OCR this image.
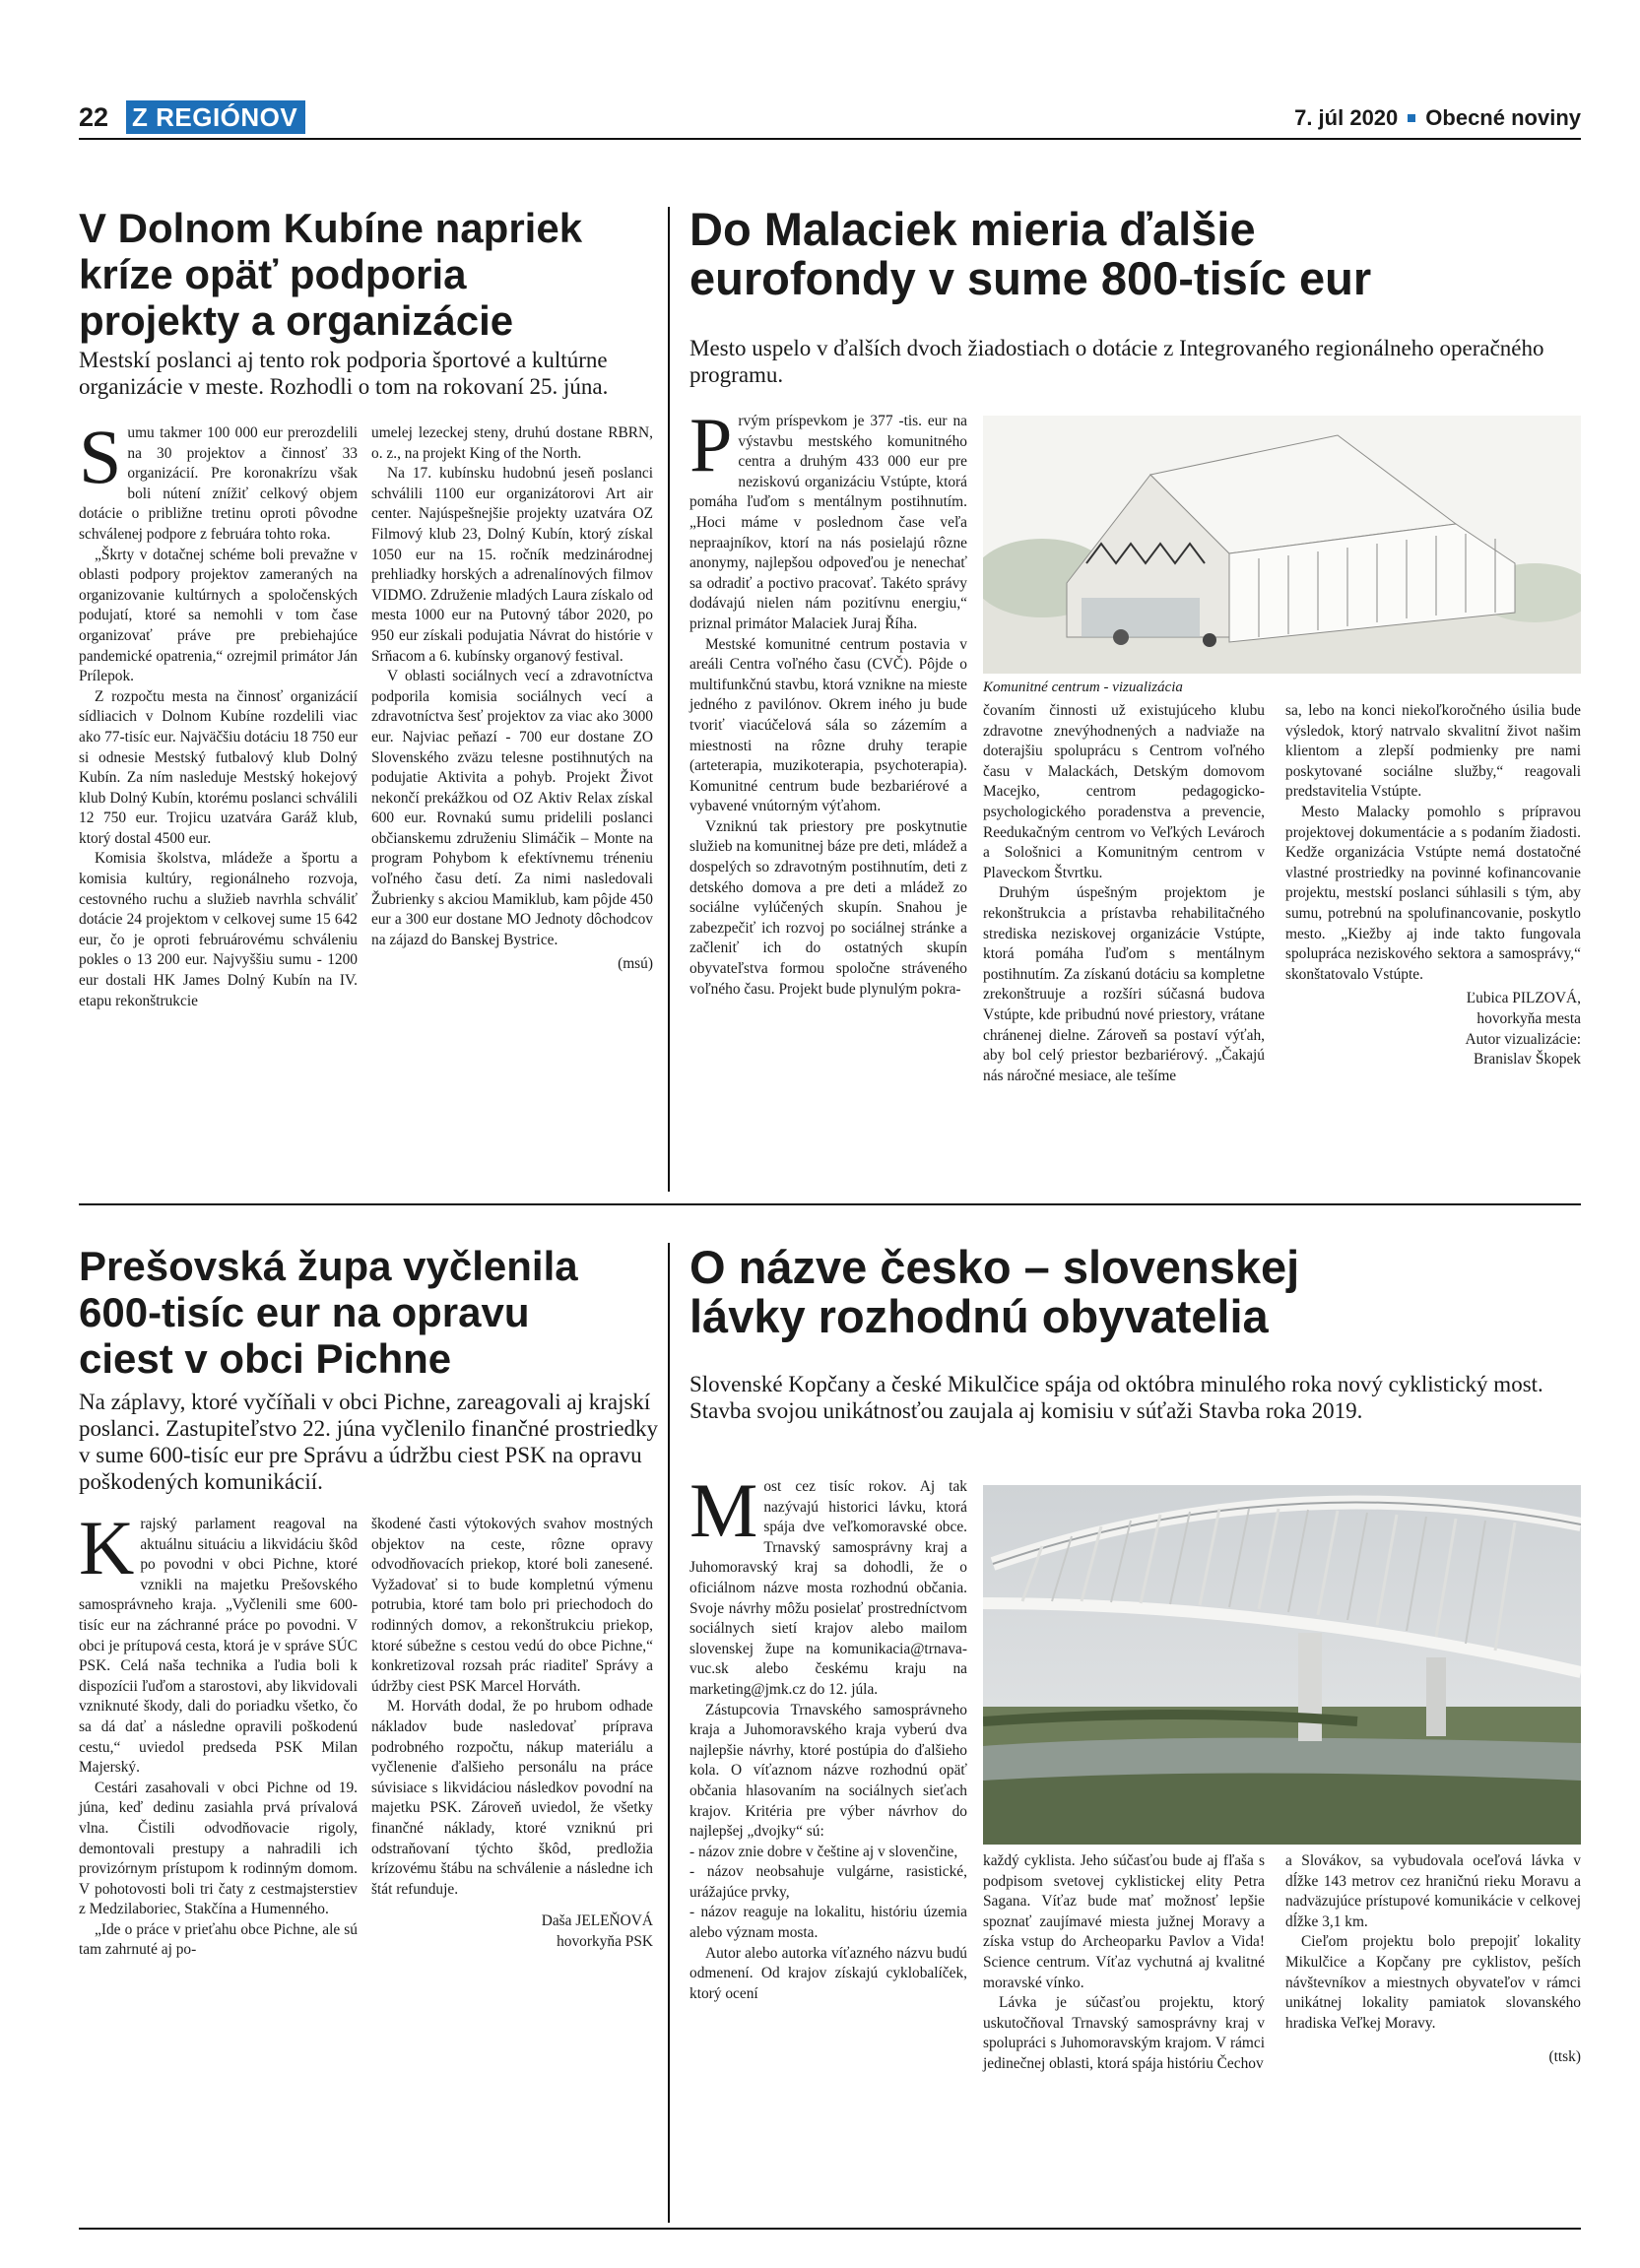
22 Z REGIÓNOV	7. júl 2020 Obecné noviny
V Dolnom Kubíne napriek
kríze opäť podporia
projekty a organizácie
Mestskí poslanci aj tento rok podporia športové a kultúrne organizácie v meste. Rozhodli o tom na rokovaní 25. júna.

Sumu takmer 100 000 eur prerozdelili na 30 projektov a činnosť 33 organizácií. Pre koronakrízu však boli nútení znížiť celkový objem dotácie o približne tretinu oproti pôvodne schválenej podpore z februára tohto roka.

„Škrty v dotačnej schéme boli prevažne v oblasti podpory projektov zameraných na organizovanie kultúrnych a spoločenských podujatí, ktoré sa nemohli v tom čase organizovať práve pre prebiehajúce pandemické opatrenia,“ ozrejmil primátor Ján Prílepok.

Z rozpočtu mesta na činnosť organizácií sídliacich v Dolnom Kubíne rozdelili viac ako 77-tisíc eur. Najväčšiu dotáciu 18 750 eur si odnesie Mestský futbalový klub Dolný Kubín. Za ním nasleduje Mestský hokejový klub Dolný Kubín, ktorému poslanci schválili 12 750 eur. Trojicu uzatvára Garáž klub, ktorý dostal 4500 eur.

Komisia školstva, mládeže a športu a komisia kultúry, regionálneho rozvoja, cestovného ruchu a služieb navrhla schváliť dotácie 24 projektom v celkovej sume 15 642 eur, čo je oproti februárovému schváleniu pokles o 13 200 eur. Najvyššiu sumu - 1200 eur dostali HK James Dolný Kubín na IV. etapu rekonštrukcie

umelej lezeckej steny, druhú dostane RBRN, o. z., na projekt King of the North.

Na 17. kubínsku hudobnú jeseň poslanci schválili 1100 eur organizátorovi Art air center. Najúspešnejšie projekty uzatvára OZ Filmový klub 23, Dolný Kubín, ktorý získal 1050 eur na 15. ročník medzinárodnej prehliadky horských a adrenalínových filmov VIDMO. Združenie mladých Laura získalo od mesta 1000 eur na Putovný tábor 2020, po 950 eur získali podujatia Návrat do histórie v Srňacom a 6. kubínsky organový festival.

V oblasti sociálnych vecí a zdravotníctva podporila komisia sociálnych vecí a zdravotníctva šesť projektov za viac ako 3000 eur. Najviac peňazí - 700 eur dostane ZO Slovenského zväzu telesne postihnutých na podujatie Aktivita a pohyb. Projekt Život nekončí prekážkou od OZ Aktiv Relax získal 600 eur. Rovnakú sumu pridelili poslanci občianskemu združeniu Slimáčik – Monte na program Pohybom k efektívnemu tréneniu voľného času detí. Za nimi nasledovali Žubrienky s akciou Mamiklub, kam pôjde 450 eur a 300 eur dostane MO Jednoty dôchodcov na zájazd do Banskej Bystrice.

(msú)
Do Malaciek mieria ďalšie
eurofondy v sume 800-tisíc eur
Mesto uspelo v ďalších dvoch žiadostiach o dotácie z Integrovaného regionálneho operačného programu.

Prvým príspevkom je 377 -tis. eur na výstavbu mestského komunitného centra a druhým 433 000 eur pre neziskovú organizáciu Vstúpte, ktorá pomáha ľuďom s mentálnym postihnutím. „Hoci máme v poslednom čase veľa nepraajníkov, ktorí na nás posielajú rôzne anonymy, najlepšou odpoveďou je nenechať sa odradiť a poctivo pracovať. Takéto správy dodávajú nielen nám pozitívnu energiu,“ priznal primátor Malaciek Juraj Říha.

Mestské komunitné centrum postavia v areáli Centra voľného času (CVČ). Pôjde o multifunkčnú stavbu, ktorá vznikne na mieste jedného z pavilónov. Okrem iného ju bude tvoriť viacúčelová sála so zázemím a miestnosti na rôzne druhy terapie (arteterapia, muzikoterapia, psychoterapia). Komunitné centrum bude bezbariérové a vybavené vnútorným výťahom.

Vzniknú tak priestory pre poskytnutie služieb na komunitnej báze pre deti, mládež a dospelých so zdravotným postihnutím, deti z detského domova a pre deti a mládež zo sociálne vylúčených skupín. Snahou je zabezpečiť ich rozvoj po sociálnej stránke a začleniť ich do ostatných skupín obyvateľstva formou spoločne stráveného voľného času. Projekt bude plynulým pokra-

Komunitné centrum - vizualizácia

čovaním činnosti už existujúceho klubu zdravotne znevýhodnených a nadviaže na doterajšiu spoluprácu s Centrom voľného času v Malackách, Detským domovom Macejko, centrom pedagogicko-psychologického poradenstva a prevencie, Reedukačným centrom vo Veľkých Levároch a Sološnici a Komunitným centrom v Plaveckom Štvrtku.

Druhým úspešným projektom je rekonštrukcia a prístavba rehabilitačného strediska neziskovej organizácie Vstúpte, ktorá pomáha ľuďom s mentálnym postihnutím. Za získanú dotáciu sa kompletne zrekonštruuje a rozšíri súčasná budova Vstúpte, kde pribudnú nové priestory, vrátane chránenej dielne. Zároveň sa postaví výťah, aby bol celý priestor bezbariérový. „Čakajú nás náročné mesiace, ale tešíme

sa, lebo na konci niekoľkoročného úsilia bude výsledok, ktorý natrvalo skvalitní život našim klientom a zlepší podmienky pre nami poskytované sociálne služby,“ reagovali predstavitelia Vstúpte.

Mesto Malacky pomohlo s prípravou projektovej dokumentácie a s podaním žiadosti. Kedže organizácia Vstúpte nemá dostatočné vlastné prostriedky na povinné kofinancovanie projektu, mestskí poslanci súhlasili s tým, aby sumu, potrebnú na spolufinancovanie, poskytlo mesto. „Kiežby aj inde takto fungovala spolupráca neziskového sektora a samosprávy,“ skonštatovalo Vstúpte.

Ľubica PILZOVÁ,
hovorkyňa mesta
Autor vizualizácie:
Branislav Škopek
Prešovská župa vyčlenila
600-tisíc eur na opravu
ciest v obci Pichne
Na záplavy, ktoré vyčíňali v obci Pichne, zareagovali aj krajskí poslanci. Zastupiteľstvo 22. júna vyčlenilo finančné prostriedky v sume 600-tisíc eur pre Správu a údržbu ciest PSK na opravu poškodených komunikácií.

Krajský parlament reagoval na aktuálnu situáciu a likvidáciu škôd po povodni v obci Pichne, ktoré vznikli na majetku Prešovského samosprávneho kraja. „Vyčlenili sme 600-tisíc eur na záchranné práce po povodni. V obci je prítupová cesta, ktorá je v správe SÚC PSK. Celá naša technika a ľudia boli k dispozícii ľuďom a starostovi, aby likvidovali vzniknuté škody, dali do poriadku všetko, čo sa dá dať a následne opravili poškodenú cestu,“ uviedol predseda PSK Milan Majerský.

Cestári zasahovali v obci Pichne od 19. júna, keď dedinu zasiahla prvá prívalová vlna. Čistili odvodňovacie rigoly, demontovali prestupy a nahradili ich provizórnym prístupom k rodinným domom. V pohotovosti boli tri čaty z cestmajsterstiev z Medzilaboriec, Stakčína a Humenného.

„Ide o práce v prieťahu obce Pichne, ale sú tam zahrnuté aj po-

škodené časti výtokových svahov mostných objektov na ceste, rôzne opravy odvodňovacích priekop, ktoré boli zanesené. Vyžadovať si to bude kompletnú výmenu potrubia, ktoré tam bolo pri priechodoch do rodinných domov, a rekonštrukciu priekop, ktoré súbežne s cestou vedú do obce Pichne,“ konkretizoval rozsah prác riaditeľ Správy a údržby ciest PSK Marcel Horváth.

M. Horváth dodal, že po hrubom odhade nákladov bude nasledovať príprava podrobného rozpočtu, nákup materiálu a vyčlenenie ďalšieho personálu na práce súvisiace s likvidáciou následkov povodní na majetku PSK. Zároveň uviedol, že všetky finančné náklady, ktoré vzniknú pri odstraňovaní týchto škôd, predložia krízovému štábu na schválenie a následne ich štát refunduje.

Daša JELEŇOVÁ
hovorkyňa PSK
O názve česko – slovenskej
lávky rozhodnú obyvatelia
Slovenské Kopčany a české Mikulčice spája od októbra minulého roka nový cyklistický most. Stavba svojou unikátnosťou zaujala aj komisiu v súťaži Stavba roka 2019.

Most cez tisíc rokov. Aj tak nazývajú historici lávku, ktorá spája dve veľkomoravské obce. Trnavský samosprávny kraj a Juhomoravský kraj sa dohodli, že o oficiálnom názve mosta rozhodnú občania. Svoje návrhy môžu posielať prostredníctvom sociálnych sietí krajov alebo mailom slovenskej župe na komunikacia@trnava-vuc.sk alebo českému kraju na marketing@jmk.cz do 12. júla.

Zástupcovia Trnavského samosprávneho kraja a Juhomoravského kraja vyberú dva najlepšie návrhy, ktoré postúpia do ďalšieho kola. O víťaznom názve rozhodnú opäť občania hlasovaním na sociálnych sieťach krajov. Kritéria pre výber návrhov do najlepšej „dvojky“ sú:

- názov znie dobre v češtine aj v slovenčine,

- názov neobsahuje vulgárne, rasistické, urážajúce prvky,

- názov reaguje na lokalitu, históriu územia alebo význam mosta.

Autor alebo autorka víťazného názvu budú odmenení. Od krajov získajú cyklobalíček, ktorý ocení

každý cyklista. Jeho súčasťou bude aj fľaša s podpisom svetovej cyklistickej elity Petra Sagana. Víťaz bude mať možnosť lepšie spoznať zaujímavé miesta južnej Moravy a získa vstup do Archeoparku Pavlov a Vida! Science centrum. Víťaz vychutná aj kvalitné moravské vínko.

Lávka je súčasťou projektu, ktorý uskutočňoval Trnavský samosprávny kraj v spolupráci s Juhomoravským krajom. V rámci jedinečnej oblasti, ktorá spája históriu Čechov

a Slovákov, sa vybudovala oceľová lávka v dĺžke 143 metrov cez hraničnú rieku Moravu a nadväzujúce prístupové komunikácie v celkovej dĺžke 3,1 km.

Cieľom projektu bolo prepojiť lokality Mikulčice a Kopčany pre cyklistov, peších návštevníkov a miestnych obyvateľov v rámci unikátnej lokality pamiatok slovanského hradiska Veľkej Moravy.

(ttsk)
